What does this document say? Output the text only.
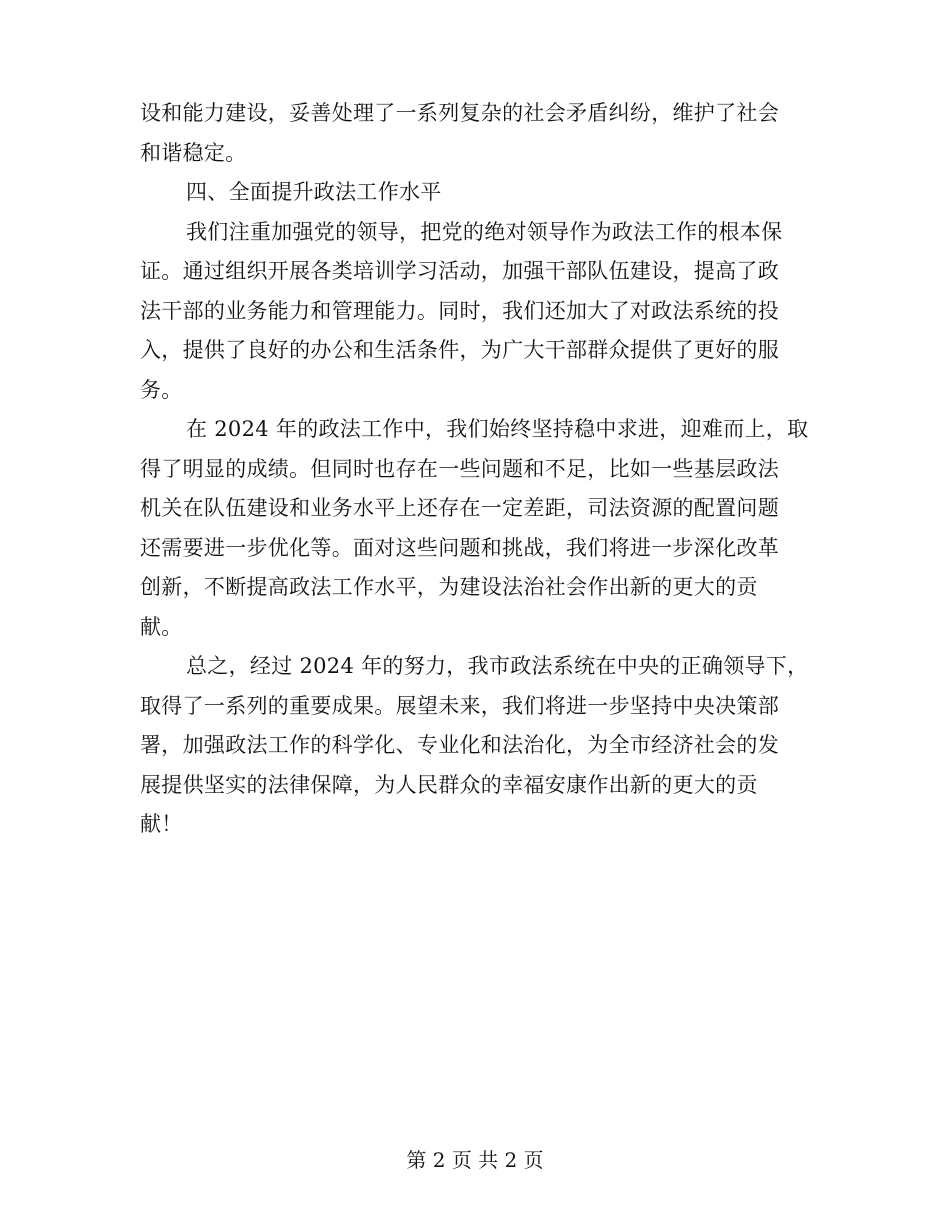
设和能力建设，妥善处理了一系列复杂的社会矛盾纠纷，维护了社会
和谐稳定。
四、全面提升政法工作水平
我们注重加强党的领导，把党的绝对领导作为政法工作的根本保
证。通过组织开展各类培训学习活动，加强干部队伍建设，提高了政
法干部的业务能力和管理能力。同时，我们还加大了对政法系统的投
入，提供了良好的办公和生活条件，为广大干部群众提供了更好的服
务。
在 2024 年的政法工作中，我们始终坚持稳中求进，迎难而上，取
得了明显的成绩。但同时也存在一些问题和不足，比如一些基层政法
机关在队伍建设和业务水平上还存在一定差距，司法资源的配置问题
还需要进一步优化等。面对这些问题和挑战，我们将进一步深化改革
创新，不断提高政法工作水平，为建设法治社会作出新的更大的贡
献。
总之，经过 2024 年的努力，我市政法系统在中央的正确领导下，
取得了一系列的重要成果。展望未来，我们将进一步坚持中央决策部
署，加强政法工作的科学化、专业化和法治化，为全市经济社会的发
展提供坚实的法律保障，为人民群众的幸福安康作出新的更大的贡
献！
第 2 页 共 2 页
